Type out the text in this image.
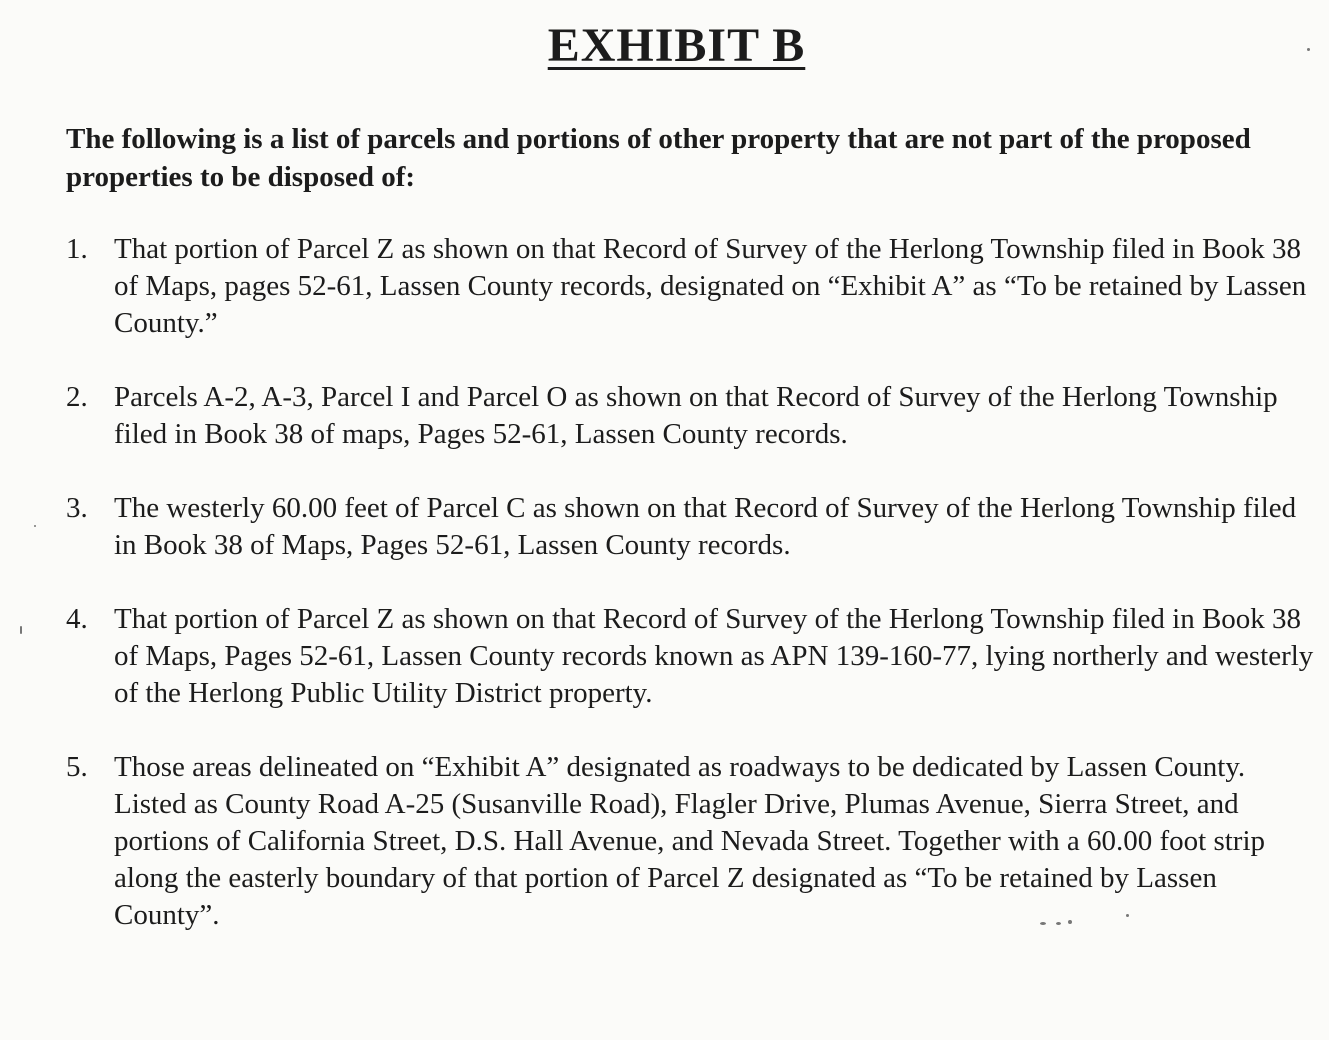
EXHIBIT B
The following is a list of parcels and portions of other property that are not part of the proposed properties to be disposed of:
1. That portion of Parcel Z as shown on that Record of Survey of the Herlong Township filed in Book 38 of Maps, pages 52-61, Lassen County records, designated on “Exhibit A” as “To be retained by Lassen County.”
2. Parcels A-2, A-3, Parcel I and Parcel O as shown on that Record of Survey of the Herlong Township   filed in Book 38 of maps, Pages 52-61, Lassen County records.
3. The westerly 60.00 feet of Parcel C as shown on that Record of Survey of the Herlong Township filed in Book 38 of Maps, Pages 52-61, Lassen County records.
4. That portion of Parcel Z as shown on that Record of Survey of the Herlong Township filed in Book 38 of Maps, Pages 52-61, Lassen County records known as APN 139-160-77, lying northerly and westerly of the Herlong Public Utility District property.
5. Those areas delineated on “Exhibit A” designated as roadways to be dedicated by Lassen County. Listed as County Road A-25 (Susanville Road), Flagler Drive, Plumas Avenue, Sierra Street, and portions of California Street, D.S. Hall Avenue, and Nevada Street. Together with a 60.00 foot strip along the easterly boundary of that portion of Parcel Z designated as “To be retained by Lassen County”.
